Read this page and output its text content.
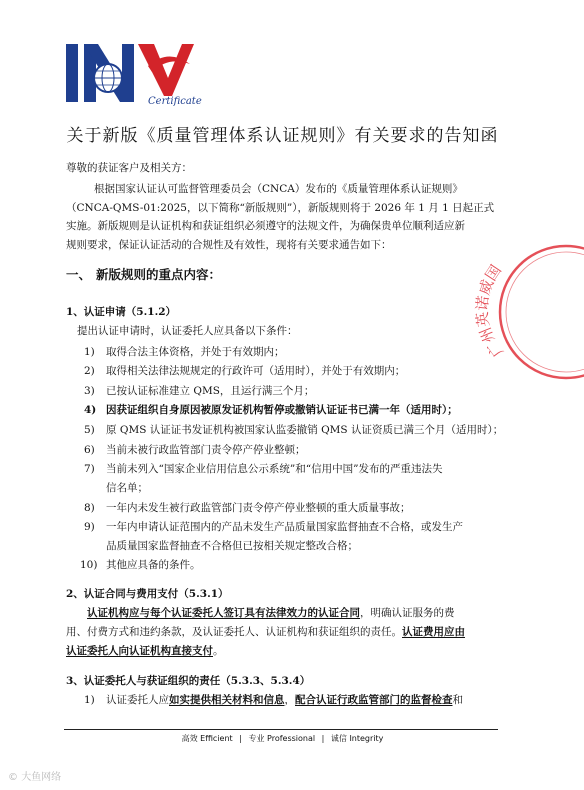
Certificate
关于新版《质量管理体系认证规则》有关要求的告知函
尊敬的获证客户及相关方：
根据国家认证认可监督管理委员会（CNCA）发布的《质量管理体系认证规则》
（CNCA-QMS-01:2025，以下简称“新版规则”），新版规则将于 2026 年 1 月 1 日起正式
实施。新版规则是认证机构和获证组织必须遵守的法规文件，为确保贵单位顺利适应新
规则要求，保证认证活动的合规性及有效性，现将有关要求通告如下：
一、 新版规则的重点内容：
1、认证申请（5.1.2）
提出认证申请时，认证委托人应具备以下条件：
1) 取得合法主体资格，并处于有效期内；
2) 取得相关法律法规规定的行政许可（适用时），并处于有效期内；
3) 已按认证标准建立 QMS，且运行满三个月；
4) 因获证组织自身原因被原发证机构暂停或撤销认证证书已满一年（适用时）；
5) 原 QMS 认证证书发证机构被国家认监委撤销 QMS 认证资质已满三个月（适用时）；
6) 当前未被行政监管部门责令停产停业整顿；
7) 当前未列入“国家企业信用信息公示系统”和“信用中国”发布的严重违法失
信名单；
8) 一年内未发生被行政监管部门责令停产停业整顿的重大质量事故；
9) 一年内申请认证范围内的产品未发生产品质量国家监督抽查不合格，或发生产
品质量国家监督抽查不合格但已按相关规定整改合格；
10) 其他应具备的条件。
2、认证合同与费用支付（5.3.1）
认证机构应与每个认证委托人签订具有法律效力的认证合同，明确认证服务的费
用、付费方式和违约条款，及认证委托人、认证机构和获证组织的责任。认证费用应由
认证委托人向认证机构直接支付。
3、认证委托人与获证组织的责任（5.3.3、5.3.4）
1) 认证委托人应如实提供相关材料和信息，配合认证行政监管部门的监督检查和
广州英诺威国
高效 Efficient | 专业 Professional | 诚信 Integrity
© 大鱼网络
